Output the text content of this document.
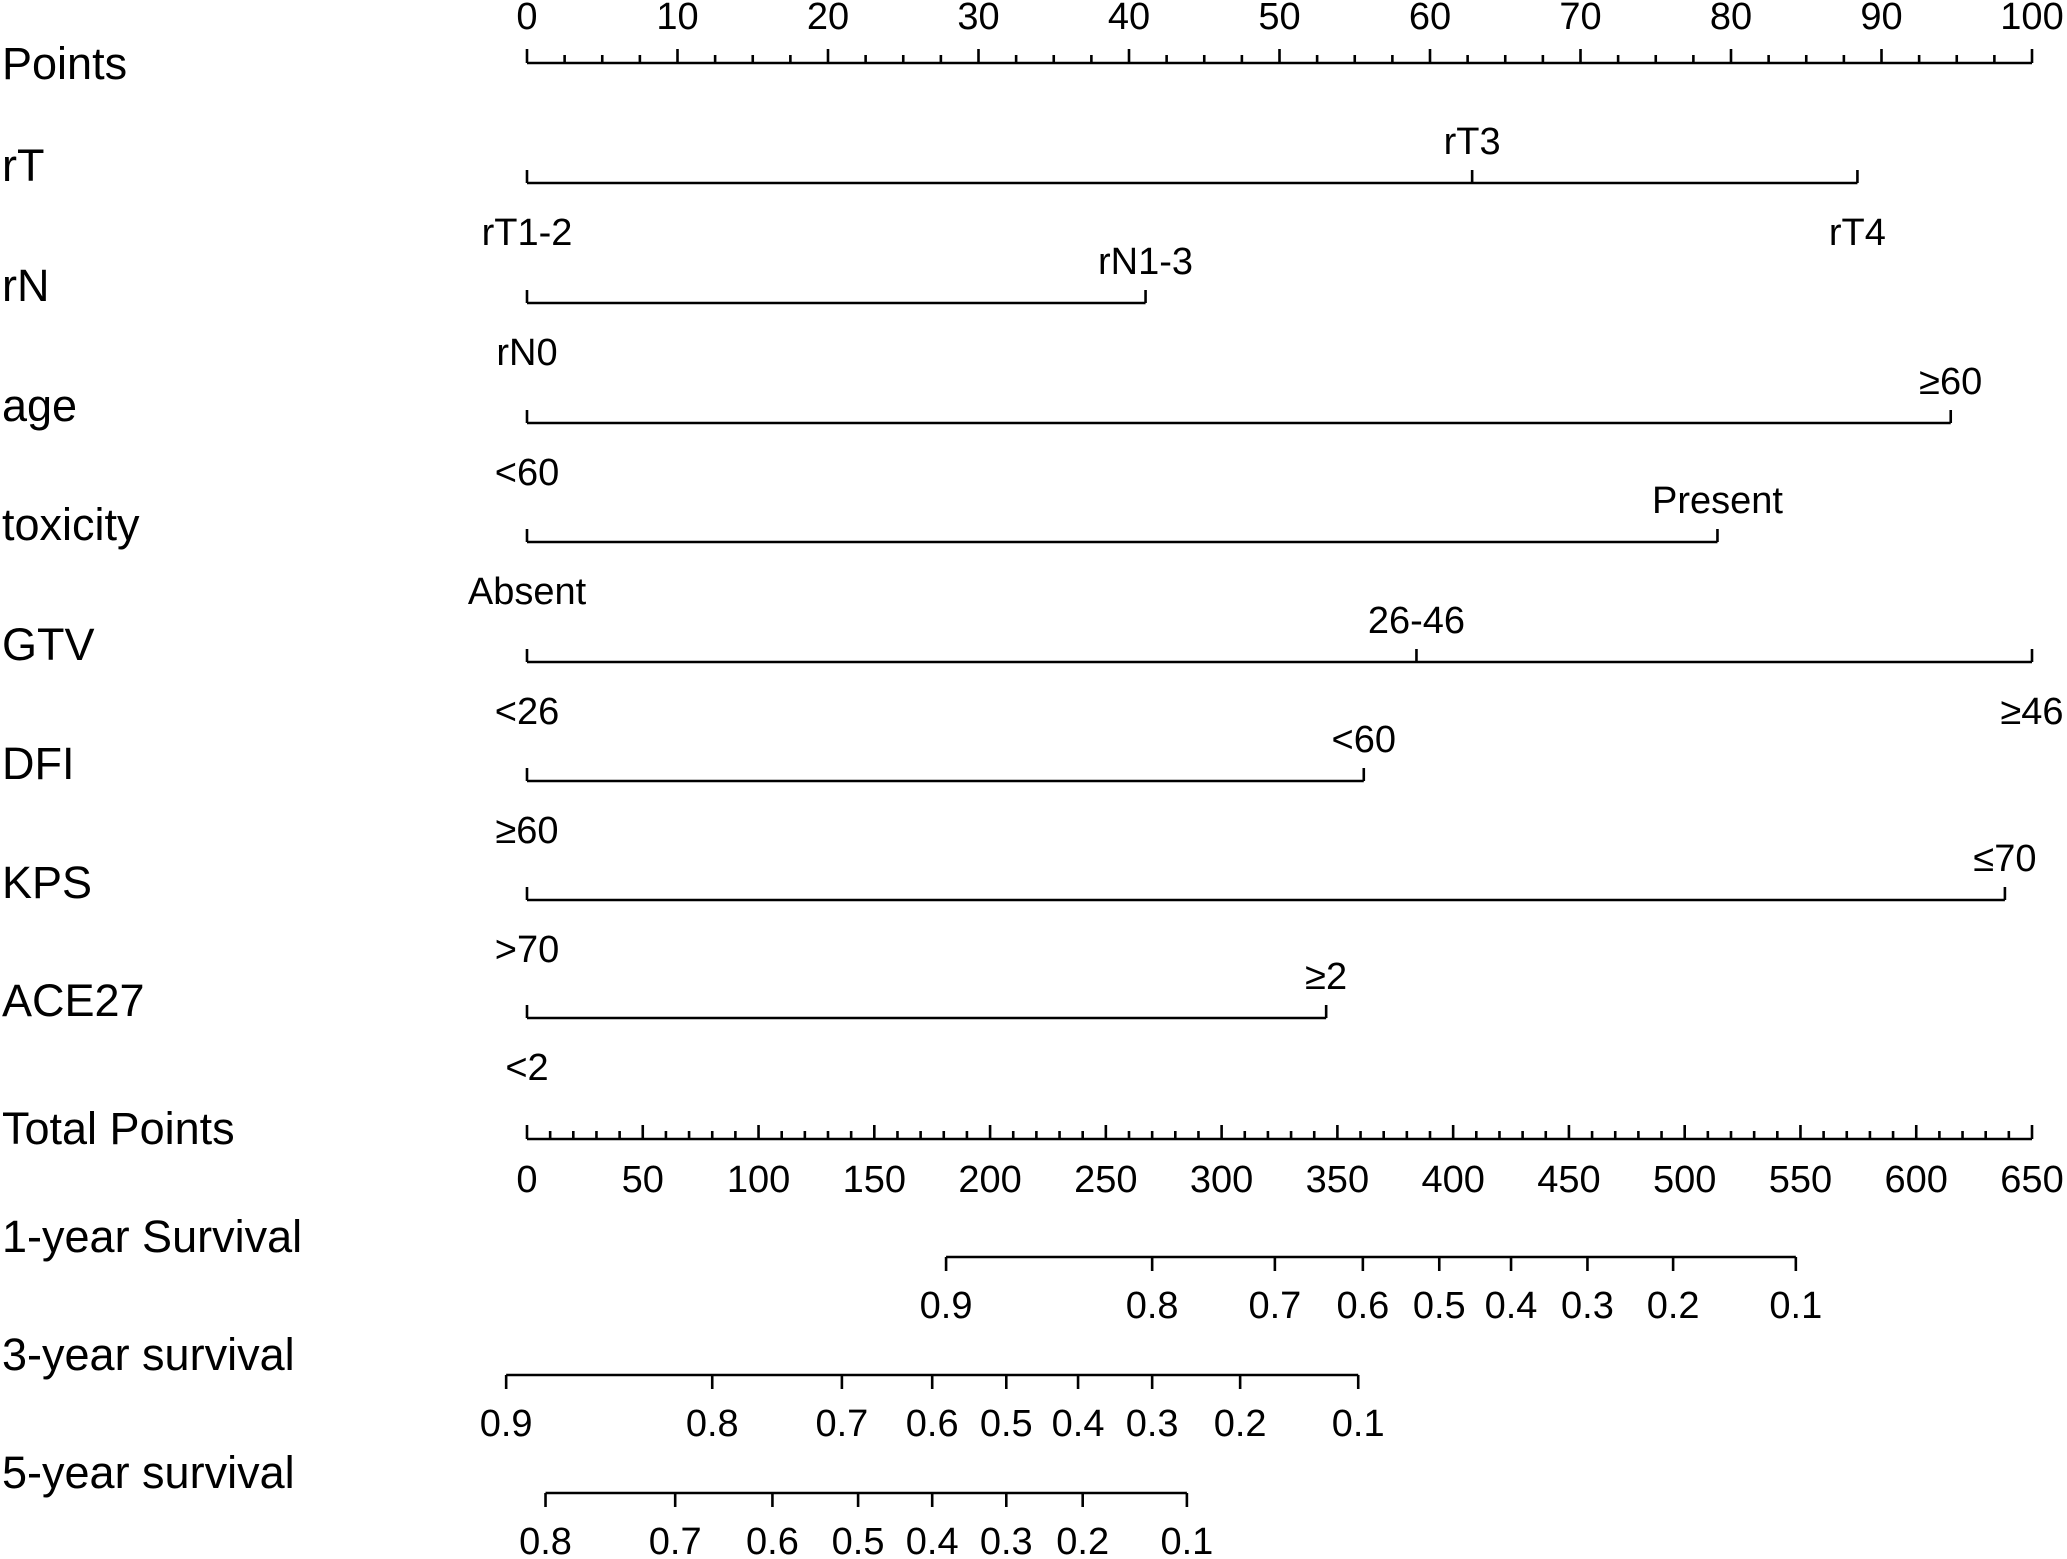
Points
rT
rN
age
toxicity
GTV
DFI
KPS
ACE27
Total Points
1-year Survival
3-year survival
5-year survival
0	10	20	30	40	50	60	70	80	90	100
rT1-2
rT3
rT4
rN0
rN1-3
<60
≥60
Absent
Present
<26
26-46
≥46
≥60
<60
>70
≤70
<2
≥2
0 50 100 150 200 250 300 350 400 450 500 550 600 650
0.9	0.8 0.7 0.6 0.5 0.4 0.3 0.2 0.1
0.9	0.8 0.7 0.6 0.5 0.4 0.3 0.2 0.1
0.8 0.7 0.6 0.5 0.4 0.3 0.2 0.1
